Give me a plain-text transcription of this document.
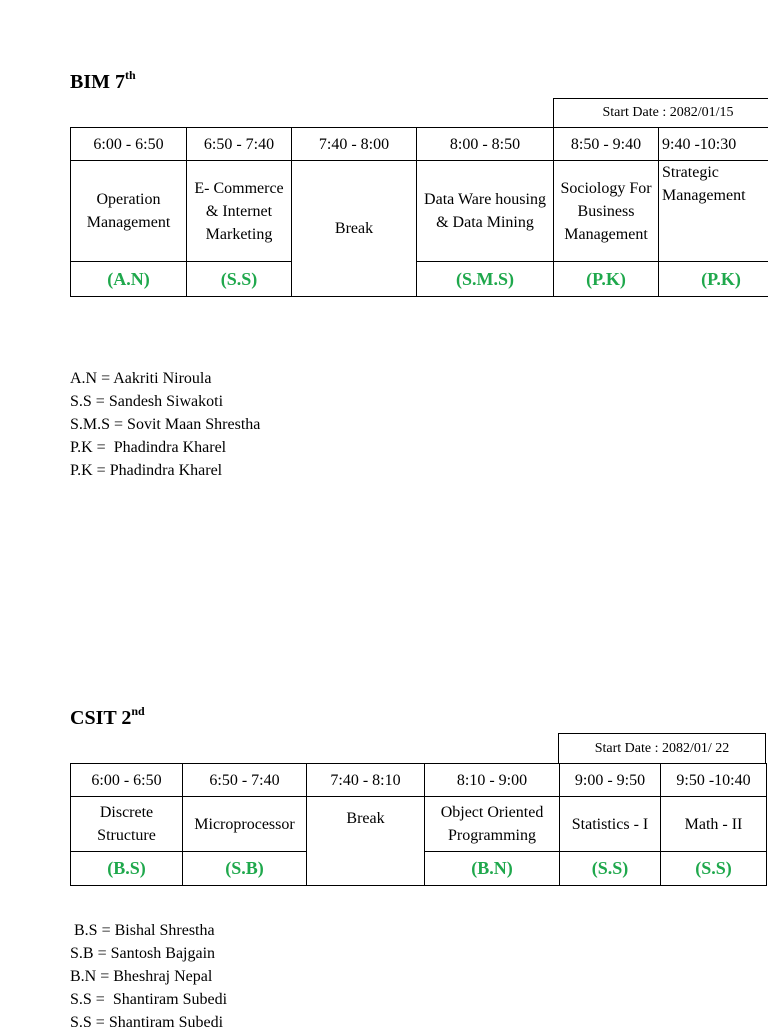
BIM 7th
Start Date : 2082/01/15
6:00 - 6:50	6:50 - 7:40	7:40 - 8:00	8:00 - 8:50	8:50 - 9:40	9:40 -10:30
Operation Management	E- Commerce & Internet Marketing	Break	Data Ware housing & Data Mining	Sociology For Business Management	Strategic Management
(A.N)	(S.S)		(S.M.S)	(P.K)	(P.K)
A.N = Aakriti Niroula
S.S = Sandesh Siwakoti
S.M.S = Sovit Maan Shrestha
P.K =  Phadindra Kharel
P.K = Phadindra Kharel
CSIT 2nd
Start Date : 2082/01/ 22
6:00 - 6:50	6:50 - 7:40	7:40 - 8:10	8:10 - 9:00	9:00 - 9:50	9:50 -10:40
Discrete Structure	Microprocessor	Break	Object Oriented Programming	Statistics - I	Math - II
(B.S)	(S.B)		(B.N)	(S.S)	(S.S)
B.S = Bishal Shrestha
S.B = Santosh Bajgain
B.N = Bheshraj Nepal
S.S =  Shantiram Subedi
S.S = Shantiram Subedi
